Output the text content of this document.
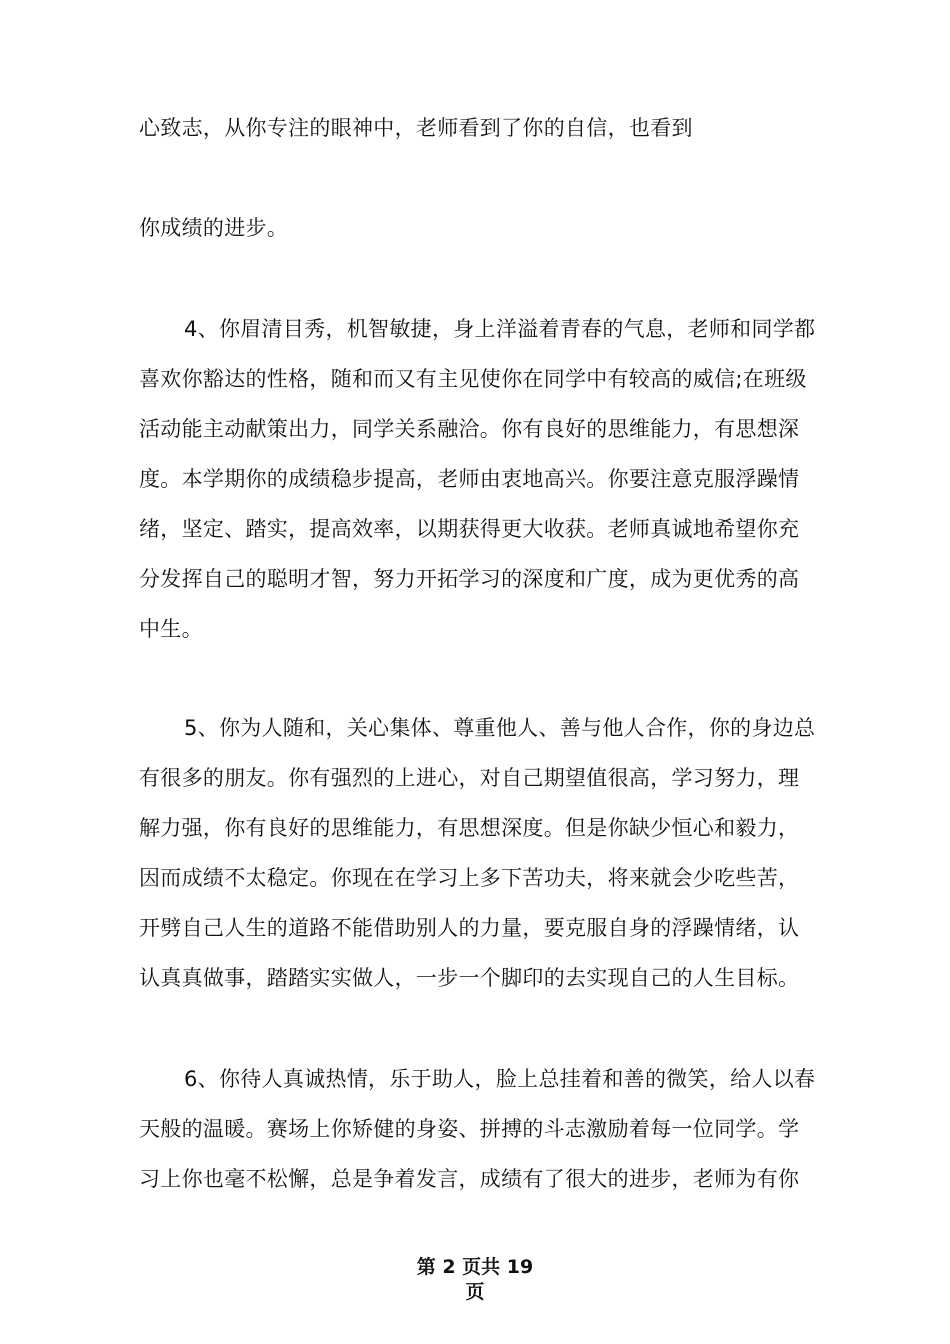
心致志，从你专注的眼神中，老师看到了你的自信，也看到
你成绩的进步。
4、你眉清目秀，机智敏捷，身上洋溢着青春的气息，老师和同学都
喜欢你豁达的性格，随和而又有主见使你在同学中有较高的威信;在班级
活动能主动献策出力，同学关系融洽。你有良好的思维能力，有思想深
度。本学期你的成绩稳步提高，老师由衷地高兴。你要注意克服浮躁情
绪，坚定、踏实，提高效率，以期获得更大收获。老师真诚地希望你充
分发挥自己的聪明才智，努力开拓学习的深度和广度，成为更优秀的高
中生。
5、你为人随和，关心集体、尊重他人、善与他人合作，你的身边总
有很多的朋友。你有强烈的上进心，对自己期望值很高，学习努力，理
解力强，你有良好的思维能力，有思想深度。但是你缺少恒心和毅力，
因而成绩不太稳定。你现在在学习上多下苦功夫，将来就会少吃些苦，
开劈自己人生的道路不能借助别人的力量，要克服自身的浮躁情绪，认
认真真做事，踏踏实实做人，一步一个脚印的去实现自己的人生目标。
6、你待人真诚热情，乐于助人，脸上总挂着和善的微笑，给人以春
天般的温暖。赛场上你矫健的身姿、拼搏的斗志激励着每一位同学。学
习上你也毫不松懈，总是争着发言，成绩有了很大的进步，老师为有你
第 2 页共 19
页
